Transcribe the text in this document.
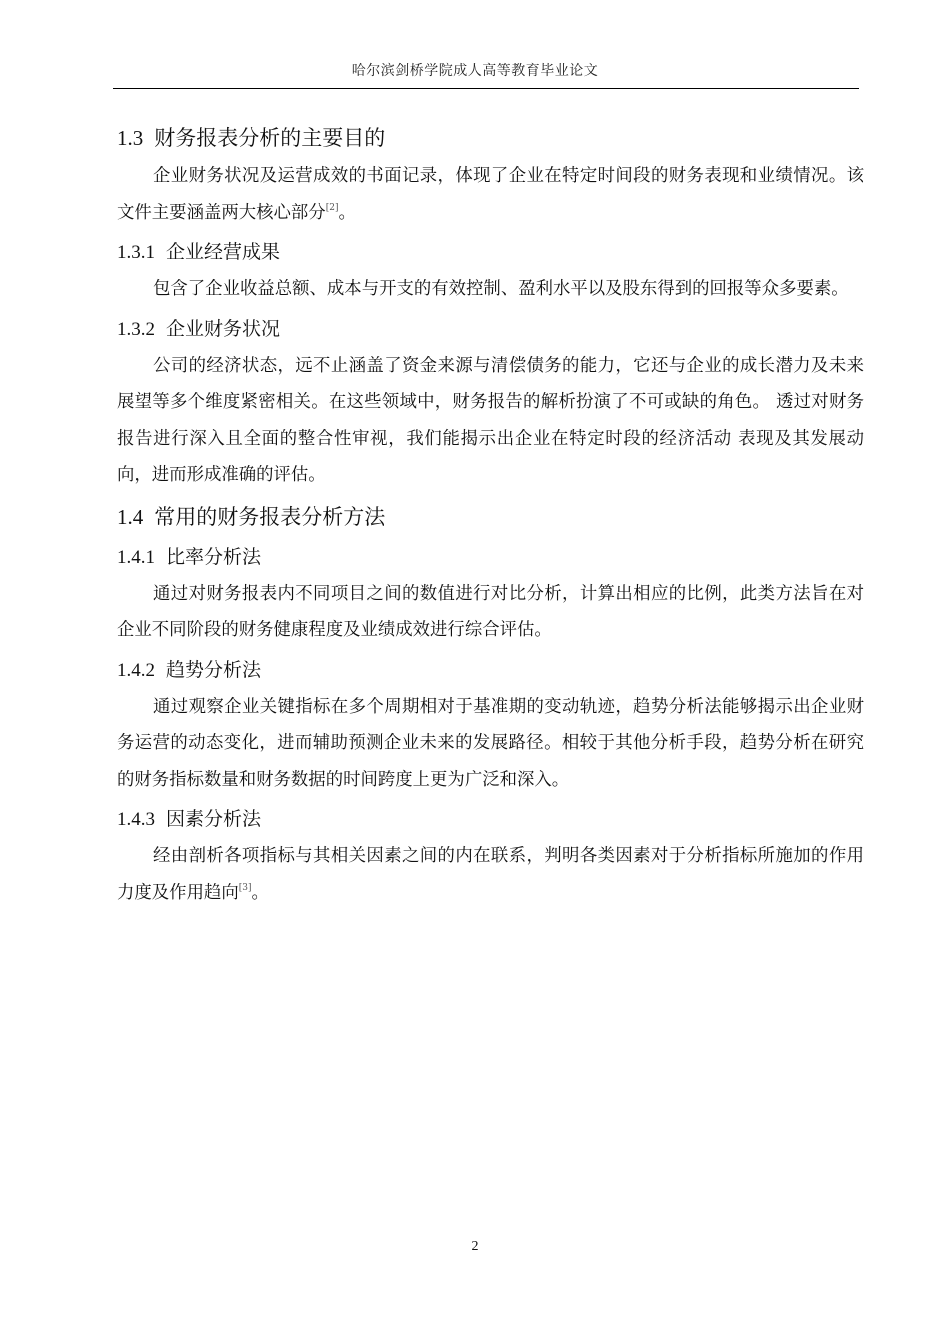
哈尔滨剑桥学院成人高等教育毕业论文
1.3 财务报表分析的主要目的

企业财务状况及运营成效的书面记录，体现了企业在特定时间段的财务表现和业绩情况。该文件主要涵盖两大核心部分[2]。

1.3.1 企业经营成果

包含了企业收益总额、成本与开支的有效控制、盈利水平以及股东得到的回报等众多要素。

1.3.2 企业财务状况

公司的经济状态，远不止涵盖了资金来源与清偿债务的能力，它还与企业的成长潜力及未来展望等多个维度紧密相关。在这些领域中，财务报告的解析扮演了不可或缺的角色。 透过对财务报告进行深入且全面的整合性审视，我们能揭示出企业在特定时段的经济活动 表现及其发展动向，进而形成准确的评估。

1.4 常用的财务报表分析方法
1.4.1 比率分析法

通过对财务报表内不同项目之间的数值进行对比分析，计算出相应的比例，此类方法旨在对企业不同阶段的财务健康程度及业绩成效进行综合评估。

1.4.2 趋势分析法

通过观察企业关键指标在多个周期相对于基准期的变动轨迹，趋势分析法能够揭示出企业财务运营的动态变化，进而辅助预测企业未来的发展路径。相较于其他分析手段，趋势分析在研究的财务指标数量和财务数据的时间跨度上更为广泛和深入。

1.4.3 因素分析法

经由剖析各项指标与其相关因素之间的内在联系，判明各类因素对于分析指标所施加的作用力度及作用趋向[3]。

2
